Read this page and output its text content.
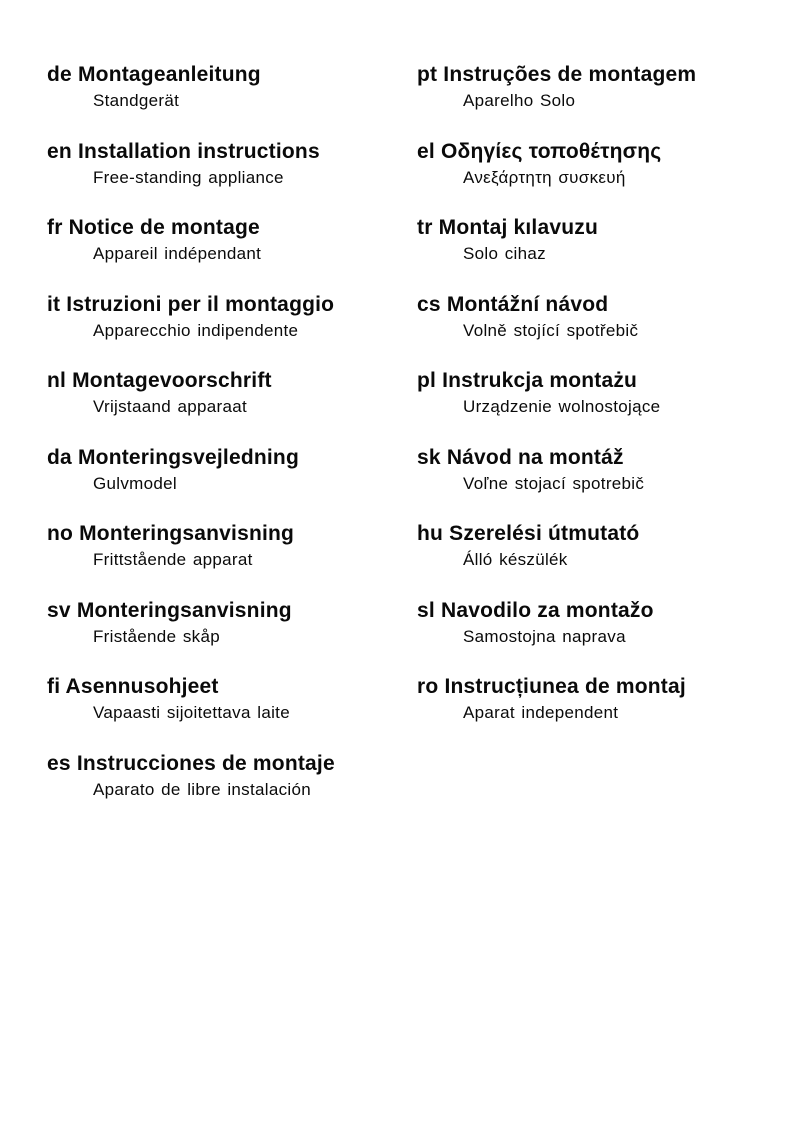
de Montageanleitung
Standgerät
en Installation instructions
Free-standing appliance
fr Notice de montage
Appareil indépendant
it Istruzioni per il montaggio
Apparecchio indipendente
nl Montagevoorschrift
Vrijstaand apparaat
da Monteringsvejledning
Gulvmodel
no Monteringsanvisning
Frittstående apparat
sv Monteringsanvisning
Fristående skåp
fi Asennusohjeet
Vapaasti sijoitettava laite
es Instrucciones de montaje
Aparato de libre instalación
pt Instruções de montagem
Aparelho Solo
el Οδηγίες τοποθέτησης
Ανεξάρτητη συσκευή
tr Montaj kılavuzu
Solo cihaz
cs Montážní návod
Volně stojící spotřebič
pl Instrukcja montażu
Urządzenie wolnostojące
sk Návod na montáž
Voľne stojací spotrebič
hu Szerelési útmutató
Álló készülék
sl Navodilo za montažo
Samostojna naprava
ro Instrucțiunea de montaj
Aparat independent
